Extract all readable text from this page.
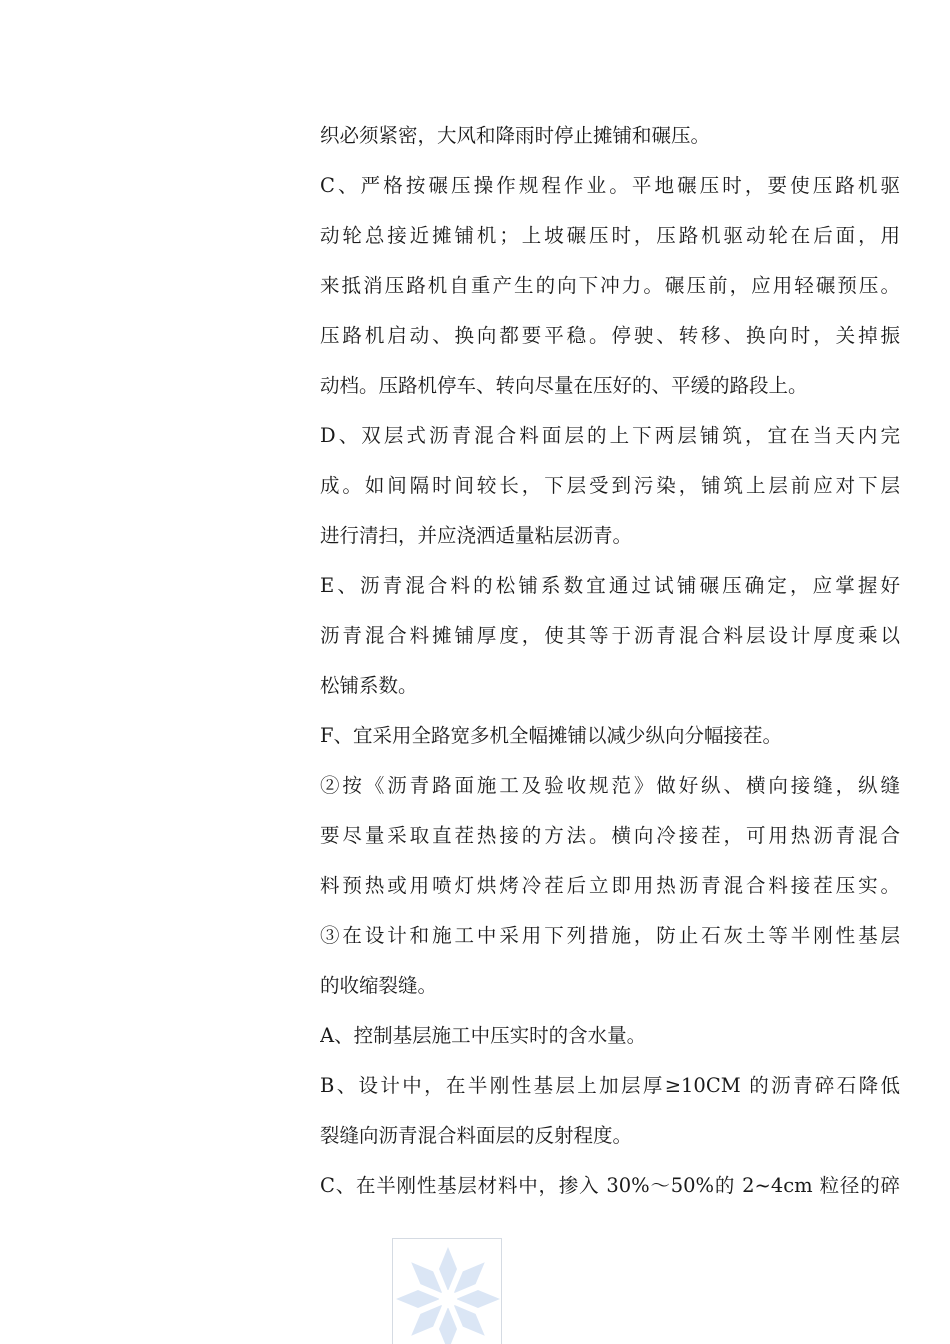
织必须紧密，大风和降雨时停止摊铺和碾压。
C、严格按碾压操作规程作业。平地碾压时，要使压路机驱
动轮总接近摊铺机；上坡碾压时，压路机驱动轮在后面，用
来抵消压路机自重产生的向下冲力。碾压前，应用轻碾预压。
压路机启动、换向都要平稳。停驶、转移、换向时，关掉振
动档。压路机停车、转向尽量在压好的、平缓的路段上。
D、双层式沥青混合料面层的上下两层铺筑，宜在当天内完
成。如间隔时间较长，下层受到污染，铺筑上层前应对下层
进行清扫，并应浇洒适量粘层沥青。
E、沥青混合料的松铺系数宜通过试铺碾压确定，应掌握好
沥青混合料摊铺厚度，使其等于沥青混合料层设计厚度乘以
松铺系数。
F、宜采用全路宽多机全幅摊铺以减少纵向分幅接茬。
②按《沥青路面施工及验收规范》做好纵、横向接缝，纵缝
要尽量采取直茬热接的方法。横向冷接茬，可用热沥青混合
料预热或用喷灯烘烤冷茬后立即用热沥青混合料接茬压实。
③在设计和施工中采用下列措施，防止石灰土等半刚性基层
的收缩裂缝。
A、控制基层施工中压实时的含水量。
B、设计中，在半刚性基层上加层厚≥10CM 的沥青碎石降低
裂缝向沥青混合料面层的反射程度。
C、在半刚性基层材料中，掺入 30%～50%的 2~4cm 粒径的碎
